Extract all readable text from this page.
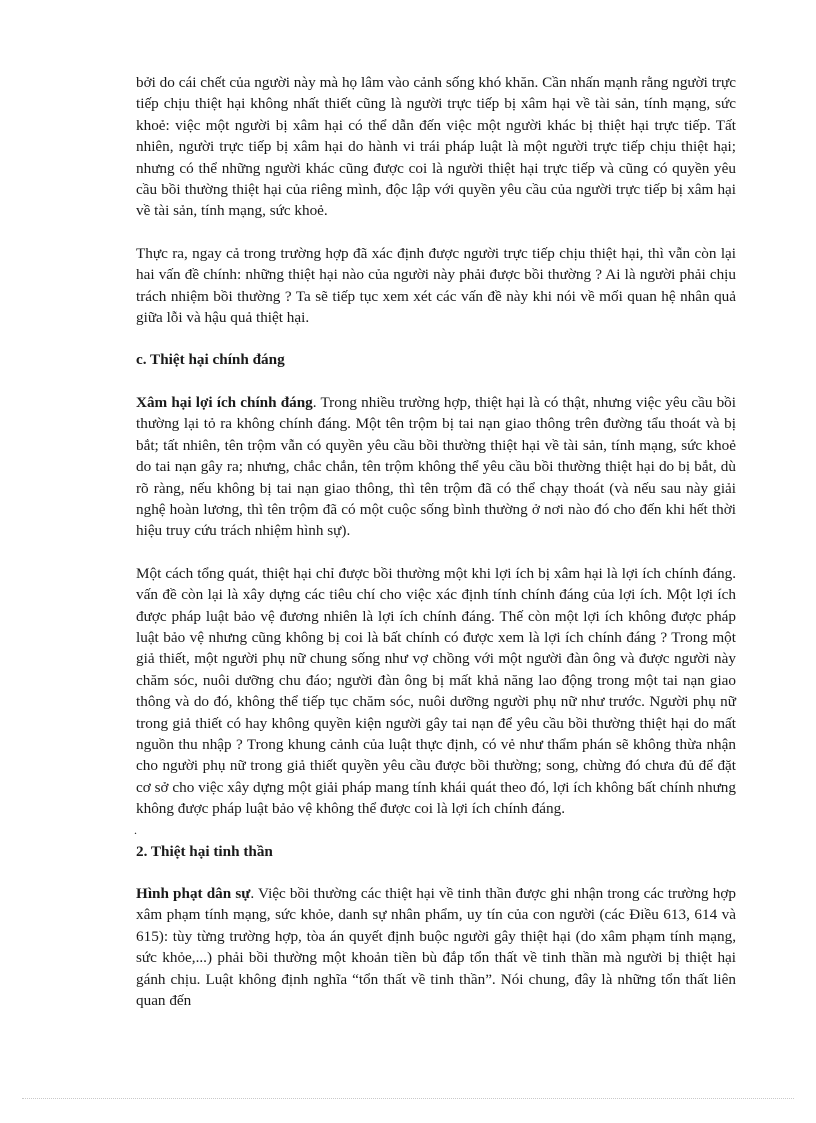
bởi do cái chết của người này mà họ lâm vào cảnh sống khó khăn. Cần nhấn mạnh rằng người trực tiếp chịu thiệt hại không nhất thiết cũng là người trực tiếp bị xâm hại về tài sản, tính mạng, sức khoẻ: việc một người bị xâm hại có thể dẫn đến việc một người khác bị thiệt hại trực tiếp. Tất nhiên, người trực tiếp bị xâm hại do hành vi trái pháp luật là một người trực tiếp chịu thiệt hại; nhưng có thể những người khác cũng được coi là người thiệt hại trực tiếp và cũng có quyền yêu cầu bồi thường thiệt hại của riêng mình, độc lập với quyền yêu cầu của người trực tiếp bị xâm hại về tài sản, tính mạng, sức khoẻ.

Thực ra, ngay cả trong trường hợp đã xác định được người trực tiếp chịu thiệt hại, thì vẫn còn lại hai vấn đề chính: những thiệt hại nào của người này phải được bồi thường ? Ai là người phải chịu trách nhiệm bồi thường ? Ta sẽ tiếp tục xem xét các vấn đề này khi nói về mối quan hệ nhân quả giữa lỗi và hậu quả thiệt hại.

c. Thiệt hại chính đáng

Xâm hại lợi ích chính đáng. Trong nhiều trường hợp, thiệt hại là có thật, nhưng việc yêu cầu bồi thường lại tỏ ra không chính đáng. Một tên trộm bị tai nạn giao thông trên đường tẩu thoát và bị bắt; tất nhiên, tên trộm vẫn có quyền yêu cầu bồi thường thiệt hại về tài sản, tính mạng, sức khoẻ do tai nạn gây ra; nhưng, chắc chắn, tên trộm không thể yêu cầu bồi thường thiệt hại do bị bắt, dù rõ ràng, nếu không bị tai nạn giao thông, thì tên trộm đã có thể chạy thoát (và nếu sau này giải nghệ hoàn lương, thì tên trộm đã có một cuộc sống bình thường ở nơi nào đó cho đến khi hết thời hiệu truy cứu trách nhiệm hình sự).

Một cách tổng quát, thiệt hại chỉ được bồi thường một khi lợi ích bị xâm hại là lợi ích chính đáng. vấn đề còn lại là xây dựng các tiêu chí cho việc xác định tính chính đáng của lợi ích. Một lợi ích được pháp luật bảo vệ đương nhiên là lợi ích chính đáng. Thế còn một lợi ích không được pháp luật bảo vệ nhưng cũng không bị coi là bất chính có được xem là lợi ích chính đáng ? Trong một giả thiết, một người phụ nữ chung sống như vợ chồng với một người đàn ông và được người này chăm sóc, nuôi dưỡng chu đáo; người đàn ông bị mất khả năng lao động trong một tai nạn giao thông và do đó, không thể tiếp tục chăm sóc, nuôi dưỡng người phụ nữ như trước. Người phụ nữ trong giả thiết có hay không quyền kiện người gây tai nạn để yêu cầu bồi thường thiệt hại do mất nguồn thu nhập ? Trong khung cảnh của luật thực định, có vẻ như thẩm phán sẽ không thừa nhận cho người phụ nữ trong giả thiết quyền yêu cầu được bồi thường; song, chừng đó chưa đủ để đặt cơ sở cho việc xây dựng một giải pháp mang tính khái quát theo đó, lợi ích không bất chính nhưng không được pháp luật bảo vệ không thể được coi là lợi ích chính đáng.

.

2. Thiệt hại tinh thần

Hình phạt dân sự. Việc bồi thường các thiệt hại về tinh thần được ghi nhận trong các trường hợp xâm phạm tính mạng, sức khỏe, danh sự nhân phẩm, uy tín của con người (các Điều 613, 614 và 615): tùy từng trường hợp, tòa án quyết định buộc người gây thiệt hại (do xâm phạm tính mạng, sức khỏe,...) phải bồi thường một khoản tiền bù đắp tổn thất về tinh thần mà người bị thiệt hại gánh chịu. Luật không định nghĩa “tổn thất về tinh thần”. Nói chung, đây là những tổn thất liên quan đến
